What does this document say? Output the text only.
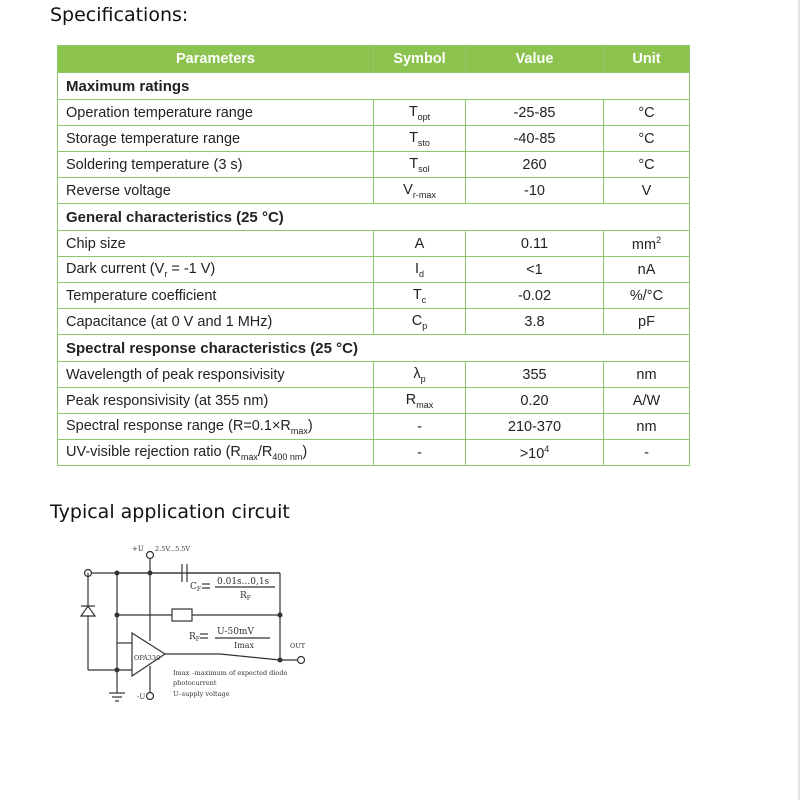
Specifications:
Parameters	Symbol	Value	Unit
Maximum ratings			
Operation temperature range	$T_{opt}$	-25-85	°C
Storage temperature range	$T_{sto}$	-40-85	°C
Soldering temperature (3 s)	$T_{sol}$	260	°C
Reverse voltage	$V_{r-max}$	-10	V
General characteristics (25 °C)			
Chip size	A	0.11	$mm^2$
Dark current ($V_r = -1$ V)	$I_d$	<1	nA
Temperature coefficient	$T_c$	-0.02	%/°C
Capacitance (at 0 V and 1 MHz)	$C_p$	3.8	pF
Spectral response characteristics (25 °C)			
Wavelength of peak responsivisity	$\lambda_p$	355	nm
Peak responsivisity (at 355 nm)	$R_{max}$	0.20	A/W
Spectral response range $(R=0.1\times R_{max})$	-	210-370	nm
UV-visible rejection ratio $(R_{max}/R_{400 nm})$	-	$>10^4$	-
Typical application circuit
+U 2.5V...5.5V
$C_F$
0.01s...0,1s
$R_F$
$R_F$
U-50mV
Imax
OPA330
OUT
-U
Imax –maximum of expected diode
photocurrent
U–supply voltage
